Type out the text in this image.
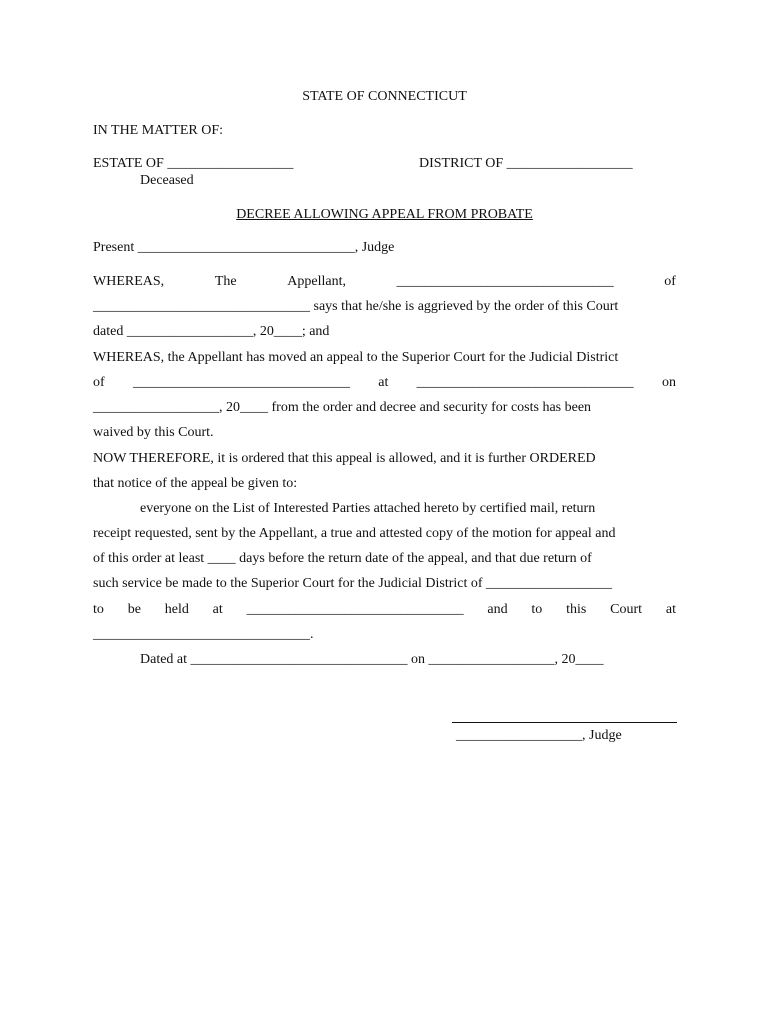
STATE OF CONNECTICUT
IN THE MATTER OF:
ESTATE OF __________________	DISTRICT OF __________________
Deceased
DECREE ALLOWING APPEAL FROM PROBATE
Present _______________________________, Judge
WHEREAS,	The	Appellant,	_______________________________	of
_______________________________ says that he/she is aggrieved by the order of this Court
dated __________________, 20____; and
WHEREAS, the Appellant has moved an appeal to the Superior Court for the Judicial District
of _______________________________ at _______________________________ on
__________________, 20____ from the order and decree and security for costs has been
waived by this Court.
NOW THEREFORE, it is ordered that this appeal is allowed, and it is further ORDERED
that notice of the appeal be given to:
everyone on the List of Interested Parties attached hereto by certified mail, return
receipt requested, sent by the Appellant, a true and attested copy of the motion for appeal and
of this order at least ____ days before the return date of the appeal, and that due return of
such service be made to the Superior Court for the Judicial District of __________________
to be held at _______________________________ and to this Court at
_______________________________.
Dated at _______________________________ on __________________, 20____
__________________, Judge
